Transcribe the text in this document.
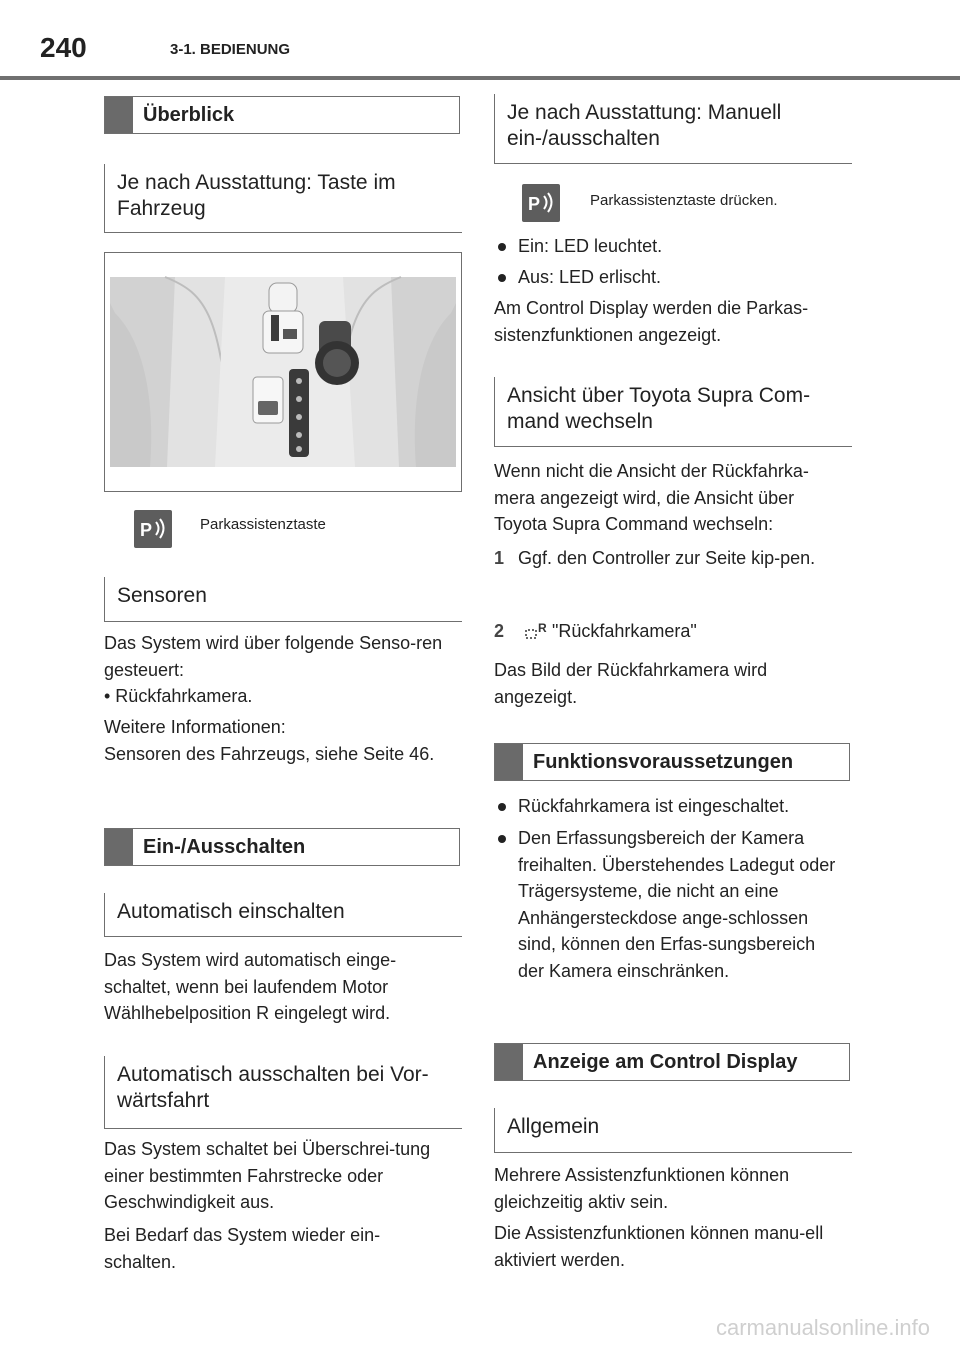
240	3-1. BEDIENUNG
Überblick
Je nach Ausstattung: Taste im Fahrzeug
P	Parkassistenztaste
Sensoren
Das System wird über folgende Senso-ren gesteuert:
• Rückfahrkamera.
Weitere Informationen:
Sensoren des Fahrzeugs, siehe Seite 46.
Ein-/Ausschalten
Automatisch einschalten
Das System wird automatisch einge-schaltet, wenn bei laufendem Motor Wählhebelposition R eingelegt wird.
Automatisch ausschalten bei Vor-wärtsfahrt
Das System schaltet bei Überschrei-tung einer bestimmten Fahrstrecke oder Geschwindigkeit aus.
Bei Bedarf das System wieder ein-schalten.
Je nach Ausstattung: Manuell ein-/ausschalten
P	Parkassistenztaste drücken.
Ein: LED leuchtet.
Aus: LED erlischt.
Am Control Display werden die Parkas-sistenzfunktionen angezeigt.
Ansicht über Toyota Supra Com-mand wechseln
Wenn nicht die Ansicht der Rückfahrka-mera angezeigt wird, die Ansicht über Toyota Supra Command wechseln:
1 Ggf. den Controller zur Seite kip-pen.
2	R "Rückfahrkamera"
Das Bild der Rückfahrkamera wird angezeigt.
Funktionsvoraussetzungen
Rückfahrkamera ist eingeschaltet.
Den Erfassungsbereich der Kamera freihalten. Überstehendes Ladegut oder Trägersysteme, die nicht an eine Anhängersteckdose ange-schlossen sind, können den Erfas-sungsbereich der Kamera einschränken.
Anzeige am Control Display
Allgemein
Mehrere Assistenzfunktionen können gleichzeitig aktiv sein.
Die Assistenzfunktionen können manu-ell aktiviert werden.
carmanualsonline.info
